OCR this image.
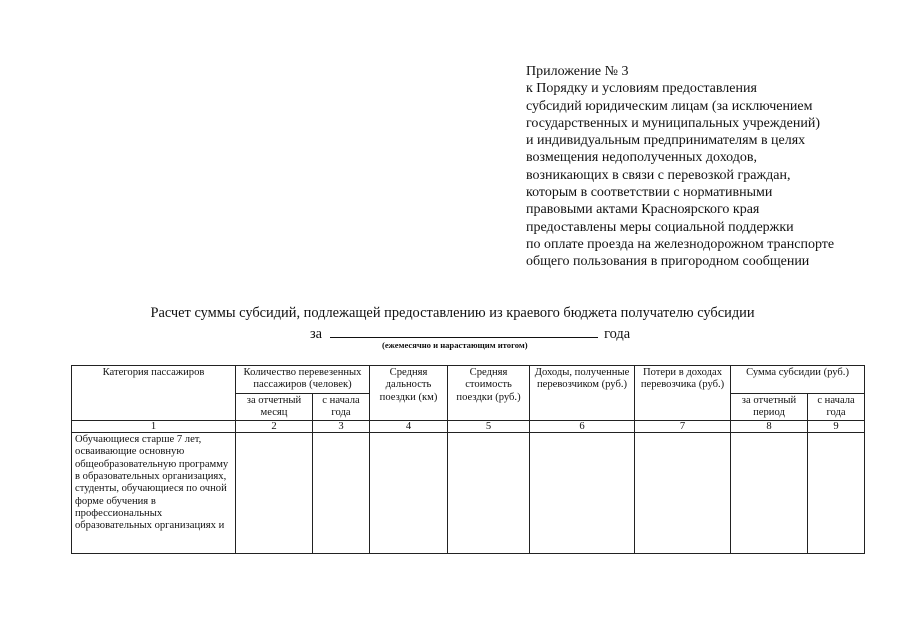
Приложение № 3
к Порядку и условиям предоставления
субсидий юридическим лицам (за исключением
государственных и муниципальных учреждений)
и индивидуальным предпринимателям в целях
возмещения недополученных доходов,
возникающих в связи с перевозкой граждан,
которым в соответствии с нормативными
правовыми актами Красноярского края
предоставлены меры социальной поддержки
по оплате проезда на железнодорожном транспорте
общего пользования в пригородном сообщении
Расчет суммы субсидий, подлежащей предоставлению из краевого бюджета получателю субсидии
за	года
(ежемесячно и нарастающим итогом)
Категория пассажиров	Количество перевезенных пассажиров (человек)		Средняя дальность поездки (км)	Средняя стоимость поездки (руб.)	Доходы, полученные перевозчиком (руб.)	Потери в доходах перевозчика (руб.)	Сумма субсидии (руб.)	
	за отчетный месяц	с начала года					за отчетный период	с начала года
1	2	3	4	5	6	7	8	9
Обучающиеся старше 7 лет, осваивающие основную общеобразовательную программу в образовательных организациях, студенты, обучающиеся по очной форме обучения в профессиональных образовательных организациях и								
